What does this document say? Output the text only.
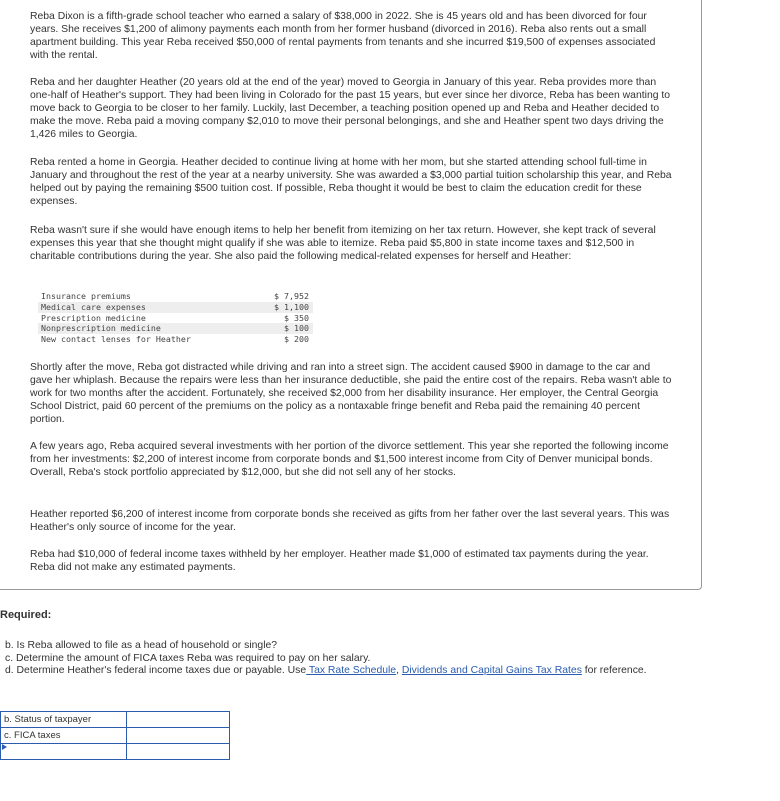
Reba Dixon is a fifth-grade school teacher who earned a salary of $38,000 in 2022. She is 45 years old and has been divorced for four years. She receives $1,200 of alimony payments each month from her former husband (divorced in 2016). Reba also rents out a small apartment building. This year Reba received $50,000 of rental payments from tenants and she incurred $19,500 of expenses associated with the rental.

Reba and her daughter Heather (20 years old at the end of the year) moved to Georgia in January of this year. Reba provides more than one-half of Heather's support. They had been living in Colorado for the past 15 years, but ever since her divorce, Reba has been wanting to move back to Georgia to be closer to her family. Luckily, last December, a teaching position opened up and Reba and Heather decided to make the move. Reba paid a moving company $2,010 to move their personal belongings, and she and Heather spent two days driving the 1,426 miles to Georgia.

Reba rented a home in Georgia. Heather decided to continue living at home with her mom, but she started attending school full-time in January and throughout the rest of the year at a nearby university. She was awarded a $3,000 partial tuition scholarship this year, and Reba helped out by paying the remaining $500 tuition cost. If possible, Reba thought it would be best to claim the education credit for these expenses.

Reba wasn't sure if she would have enough items to help her benefit from itemizing on her tax return. However, she kept track of several expenses this year that she thought might qualify if she was able to itemize. Reba paid $5,800 in state income taxes and $12,500 in charitable contributions during the year. She also paid the following medical-related expenses for herself and Heather:

Insurance premiums	$ 7,952
Medical care expenses	$ 1,100
Prescription medicine	$ 350
Nonprescription medicine	$ 100
New contact lenses for Heather	$ 200

Shortly after the move, Reba got distracted while driving and ran into a street sign. The accident caused $900 in damage to the car and gave her whiplash. Because the repairs were less than her insurance deductible, she paid the entire cost of the repairs. Reba wasn't able to work for two months after the accident. Fortunately, she received $2,000 from her disability insurance. Her employer, the Central Georgia School District, paid 60 percent of the premiums on the policy as a nontaxable fringe benefit and Reba paid the remaining 40 percent portion.

A few years ago, Reba acquired several investments with her portion of the divorce settlement. This year she reported the following income from her investments: $2,200 of interest income from corporate bonds and $1,500 interest income from City of Denver municipal bonds. Overall, Reba's stock portfolio appreciated by $12,000, but she did not sell any of her stocks.

Heather reported $6,200 of interest income from corporate bonds she received as gifts from her father over the last several years. This was Heather's only source of income for the year.

Reba had $10,000 of federal income taxes withheld by her employer. Heather made $1,000 of estimated tax payments during the year. Reba did not make any estimated payments.

Required:

b. Is Reba allowed to file as a head of household or single?

c. Determine the amount of FICA taxes Reba was required to pay on her salary.

d. Determine Heather's federal income taxes due or payable. Use Tax Rate Schedule, Dividends and Capital Gains Tax Rates for reference.

b. Status of taxpayer	
c. FICA taxes	
